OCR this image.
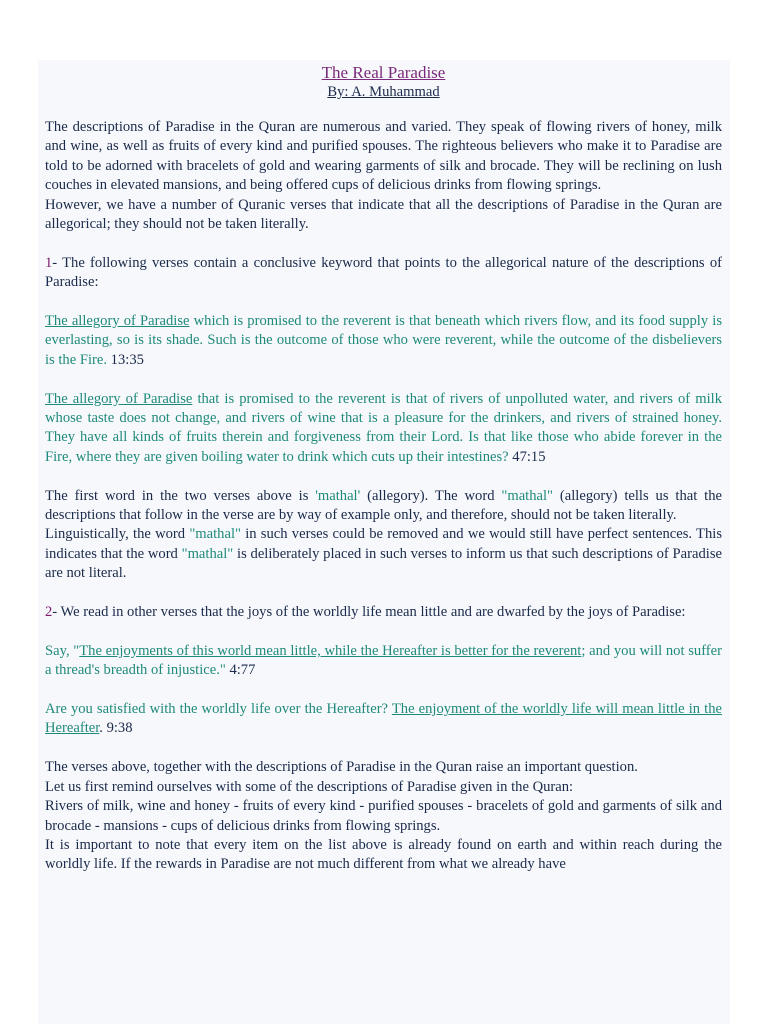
The Real Paradise
By: A. Muhammad

The descriptions of Paradise in the Quran are numerous and varied. They speak of flowing rivers of honey, milk and wine, as well as fruits of every kind and purified spouses. The righteous believers who make it to Paradise are told to be adorned with bracelets of gold and wearing garments of silk and brocade. They will be reclining on lush couches in elevated mansions, and being offered cups of delicious drinks from flowing springs.

However, we have a number of Quranic verses that indicate that all the descriptions of Paradise in the Quran are allegorical; they should not be taken literally.

1- The following verses contain a conclusive keyword that points to the allegorical nature of the descriptions of Paradise:

The allegory of Paradise which is promised to the reverent is that beneath which rivers flow, and its food supply is everlasting, so is its shade. Such is the outcome of those who were reverent, while the outcome of the disbelievers is the Fire. 13:35

The allegory of Paradise that is promised to the reverent is that of rivers of unpolluted water, and rivers of milk whose taste does not change, and rivers of wine that is a pleasure for the drinkers, and rivers of strained honey. They have all kinds of fruits therein and forgiveness from their Lord. Is that like those who abide forever in the Fire, where they are given boiling water to drink which cuts up their intestines? 47:15

The first word in the two verses above is 'mathal' (allegory). The word "mathal" (allegory) tells us that the descriptions that follow in the verse are by way of example only, and therefore, should not be taken literally.

Linguistically, the word "mathal" in such verses could be removed and we would still have perfect sentences. This indicates that the word "mathal" is deliberately placed in such verses to inform us that such descriptions of Paradise are not literal.

2- We read in other verses that the joys of the worldly life mean little and are dwarfed by the joys of Paradise:

Say, "The enjoyments of this world mean little, while the Hereafter is better for the reverent; and you will not suffer a thread's breadth of injustice." 4:77

Are you satisfied with the worldly life over the Hereafter? The enjoyment of the worldly life will mean little in the Hereafter. 9:38

The verses above, together with the descriptions of Paradise in the Quran raise an important question.

Let us first remind ourselves with some of the descriptions of Paradise given in the Quran:

Rivers of milk, wine and honey - fruits of every kind - purified spouses - bracelets of gold and garments of silk and brocade - mansions - cups of delicious drinks from flowing springs.

It is important to note that every item on the list above is already found on earth and within reach during the worldly life. If the rewards in Paradise are not much different from what we already have
